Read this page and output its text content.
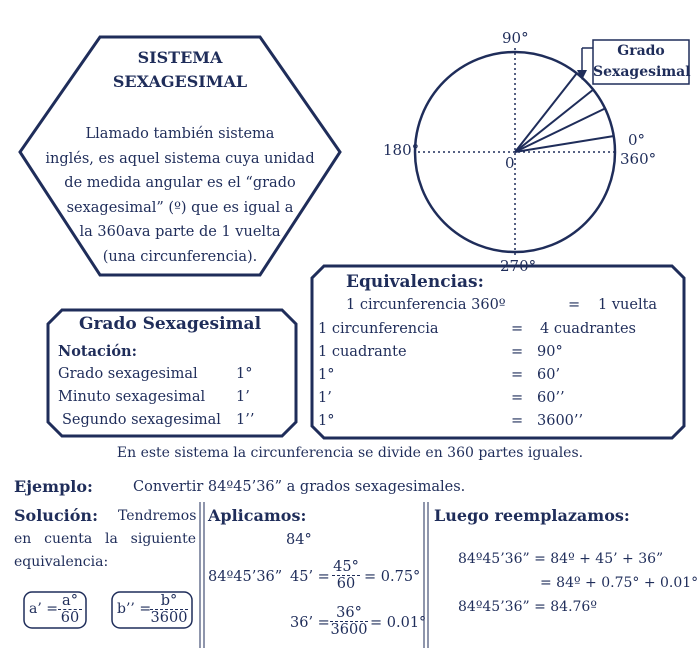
SISTEMA
SEXAGESIMAL
Llamado también sistema
inglés, es aquel sistema cuya unidad
de medida angular es el “grado
sexagesimal” (º) que es igual a
la 360ava parte de 1 vuelta
(una circunferencia).
90°
180°
270°
0°
360°
0
Grado
Sexagesimal
Grado Sexagesimal
Notación:
Grado sexagesimal	1°
Minuto sexagesimal 1’
Segundo sexagesimal 1’’
Equivalencias:
1 circunferencia 360º	= 1 vuelta
1 circunferencia	= 4 cuadrantes
1 cuadrante	= 90°
1°	= 60’
1’	= 60’’
1°	= 3600’’
En este sistema la circunferencia se divide en 360 partes iguales.
Ejemplo:	Convertir 84º45’36” a grados sexagesimales.
Solución: Tendremos
en cuenta la siguiente
equivalencia:
a’ = $\frac{a^\circ}{60}$	b’’ =
$\frac{b^\circ}{3600}$
Aplicamos:
84°
84º45’36” 45’ = $\frac{45^\circ}{60} = 0.75^\circ$
36’ = $\frac{36^\circ}{3600} = 0.01^\circ$
Luego reemplazamos:
84º45’36” = 84º + 45’ + 36”
= 84º + 0.75° + 0.01°
84º45’36” = 84.76º
